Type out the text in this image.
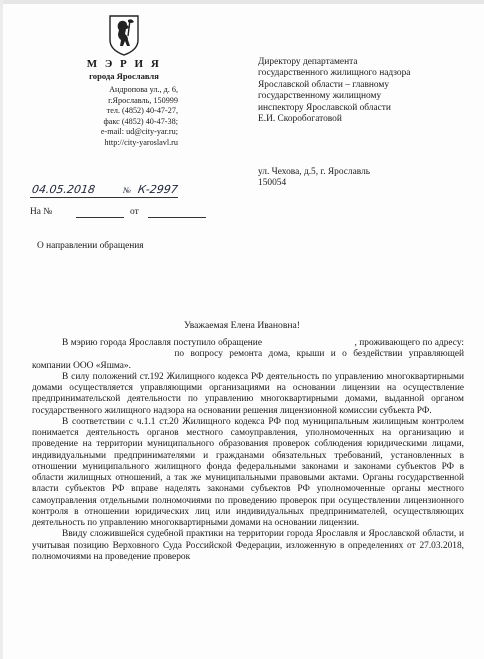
М Э Р И Я
города Ярославля
Андропова ул., д. 6,
г.Ярославль, 150999
тел. (4852) 40-47-27,
факс (4852) 40-47-38;
e-mail: ud@city-yar.ru;
http://city-yaroslavl.ru
Директору департамента
государственного жилищного надзора
Ярославской области – главному
государственному жилищному
инспектору Ярославской области
Е.И. Скоробогатовой
ул. Чехова, д.5, г. Ярославль
150054
04.05.2018	№ К-2997
На №	от
О направлении обращения
Уважаемая Елена Ивановна!

В мэрию города Ярославля поступило обращение	, проживающего по адресу:  по вопросу ремонта дома, крыши и о бездействии управляющей компании ООО «Яшма».

В силу положений ст.192 Жилищного кодекса РФ деятельность по управлению многоквартирными домами осуществляется управляющими организациями на основании лицензии на осуществление предпринимательской деятельности по управлению многоквартирными домами, выданной органом государственного жилищного надзора на основании решения лицензионной комиссии субъекта РФ.

В соответствии с ч.1.1 ст.20 Жилищного кодекса РФ под муниципальным жилищным контролем понимается деятельность органов местного самоуправления, уполномоченных на организацию и проведение на территории муниципального образования проверок соблюдения юридическими лицами, индивидуальными предпринимателями и гражданами обязательных требований, установленных в отношении муниципального жилищного фонда федеральными законами и законами субъектов РФ в области жилищных отношений, а так же муниципальными правовыми актами. Органы государственной власти субъектов РФ вправе наделять законами субъектов РФ уполномоченные органы местного самоуправления отдельными полномочиями по проведению проверок при осуществлении лицензионного контроля в отношении юридических лиц или индивидуальных предпринимателей, осуществляющих деятельность по управлению многоквартирными домами на основании лицензии.

Ввиду сложившейся судебной практики на территории города Ярославля и Ярославской области, и учитывая позицию Верховного Суда Российской Федерации, изложенную в определениях от 27.03.2018, полномочиями на проведение проверок
